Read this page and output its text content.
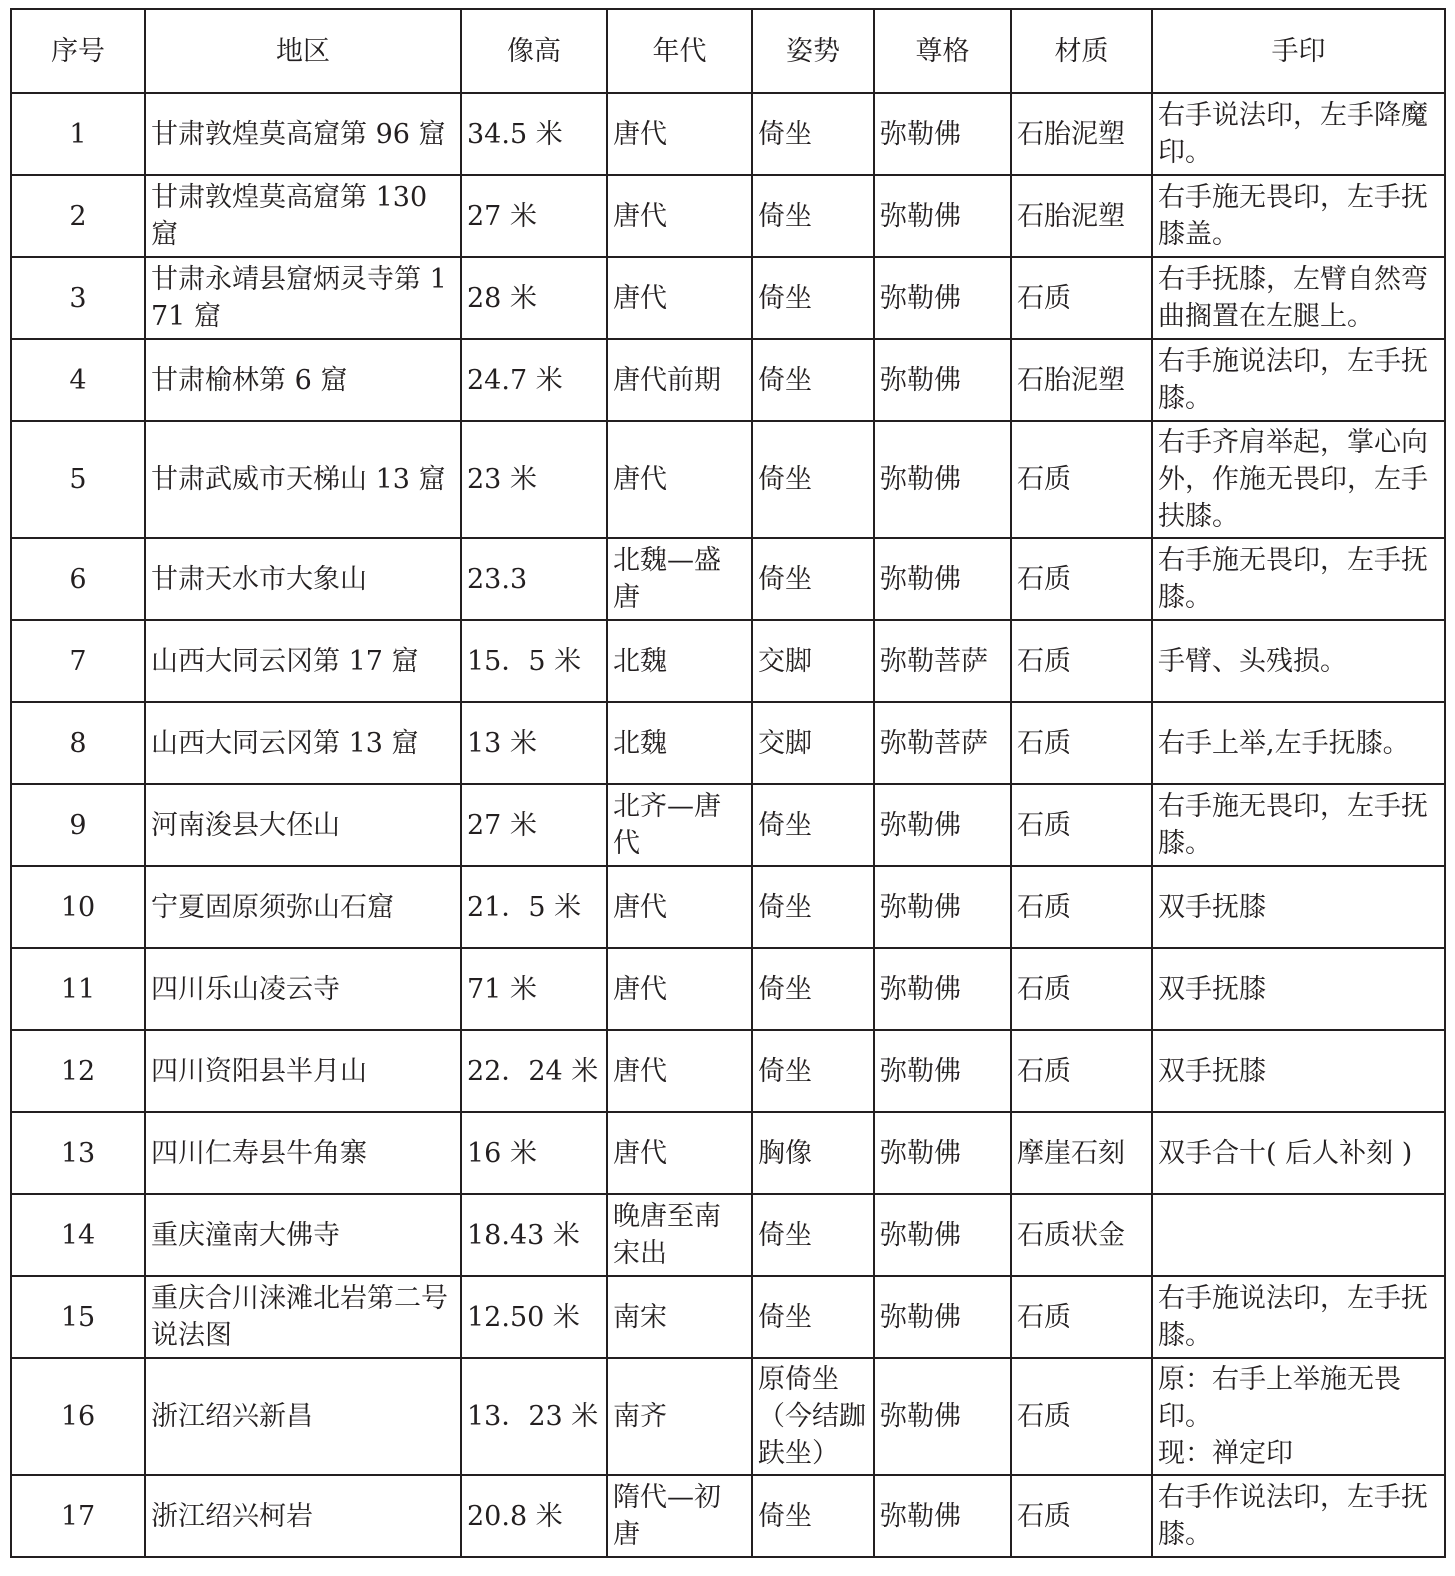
序号	地区	像高	年代	姿势	尊格	材质	手印
1	甘肃敦煌莫高窟第 96 窟	34.5 米	唐代	倚坐	弥勒佛	石胎泥塑	右手说法印，左手降魔印。
2	甘肃敦煌莫高窟第 130 窟	27 米	唐代	倚坐	弥勒佛	石胎泥塑	右手施无畏印，左手抚膝盖。
3	甘肃永靖县窟炳灵寺第 171 窟	28 米	唐代	倚坐	弥勒佛	石质	右手抚膝，左臂自然弯曲搁置在左腿上。
4	甘肃榆林第 6 窟	24.7 米	唐代前期	倚坐	弥勒佛	石胎泥塑	右手施说法印，左手抚膝。
5	甘肃武威市天梯山 13 窟	23 米	唐代	倚坐	弥勒佛	石质	右手齐肩举起，掌心向外，作施无畏印，左手扶膝。
6	甘肃天水市大象山	23.3	北魏—盛唐	倚坐	弥勒佛	石质	右手施无畏印，左手抚膝。
7	山西大同云冈第 17 窟	15．5 米	北魏	交脚	弥勒菩萨	石质	手臂、头残损。
8	山西大同云冈第 13 窟	13 米	北魏	交脚	弥勒菩萨	石质	右手上举,左手抚膝。
9	河南浚县大伾山	27 米	北齐—唐代	倚坐	弥勒佛	石质	右手施无畏印，左手抚膝。
10	宁夏固原须弥山石窟	21．5 米	唐代	倚坐	弥勒佛	石质	双手抚膝
11	四川乐山凌云寺	71 米	唐代	倚坐	弥勒佛	石质	双手抚膝
12	四川资阳县半月山	22．24 米	唐代	倚坐	弥勒佛	石质	双手抚膝
13	四川仁寿县牛角寨	16 米	唐代	胸像	弥勒佛	摩崖石刻	双手合十( 后人补刻 )
14	重庆潼南大佛寺	18.43 米	晚唐至南宋出	倚坐	弥勒佛	石质状金	
15	重庆合川涞滩北岩第二号说法图	12.50 米	南宋	倚坐	弥勒佛	石质	右手施说法印，左手抚膝。
16	浙江绍兴新昌	13．23 米	南齐	原倚坐（今结跏趺坐）	弥勒佛	石质	原：右手上举施无畏印。
现：禅定印
17	浙江绍兴柯岩	20.8 米	隋代—初唐	倚坐	弥勒佛	石质	右手作说法印，左手抚膝。
